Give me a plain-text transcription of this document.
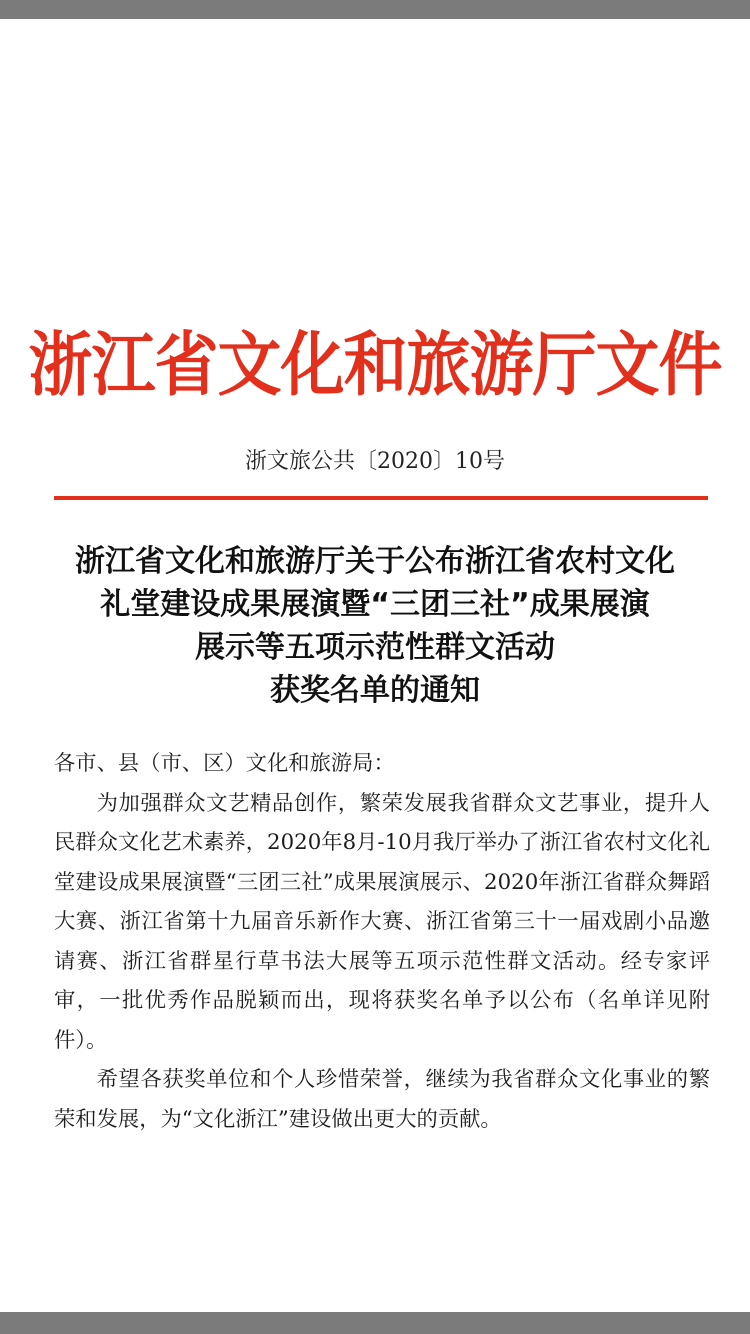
浙江省文化和旅游厅文件
浙文旅公共〔2020〕10号
浙江省文化和旅游厅关于公布浙江省农村文化
礼堂建设成果展演暨“三团三社”成果展演
展示等五项示范性群文活动
获奖名单的通知

各市、县（市、区）文化和旅游局：

为加强群众文艺精品创作，繁荣发展我省群众文艺事业，提升人民群众文化艺术素养，2020年8月-10月我厅举办了浙江省农村文化礼堂建设成果展演暨“三团三社”成果展演展示、2020年浙江省群众舞蹈大赛、浙江省第十九届音乐新作大赛、浙江省第三十一届戏剧小品邀请赛、浙江省群星行草书法大展等五项示范性群文活动。经专家评审，一批优秀作品脱颖而出，现将获奖名单予以公布（名单详见附件）。

希望各获奖单位和个人珍惜荣誉，继续为我省群众文化事业的繁荣和发展，为“文化浙江”建设做出更大的贡献。
